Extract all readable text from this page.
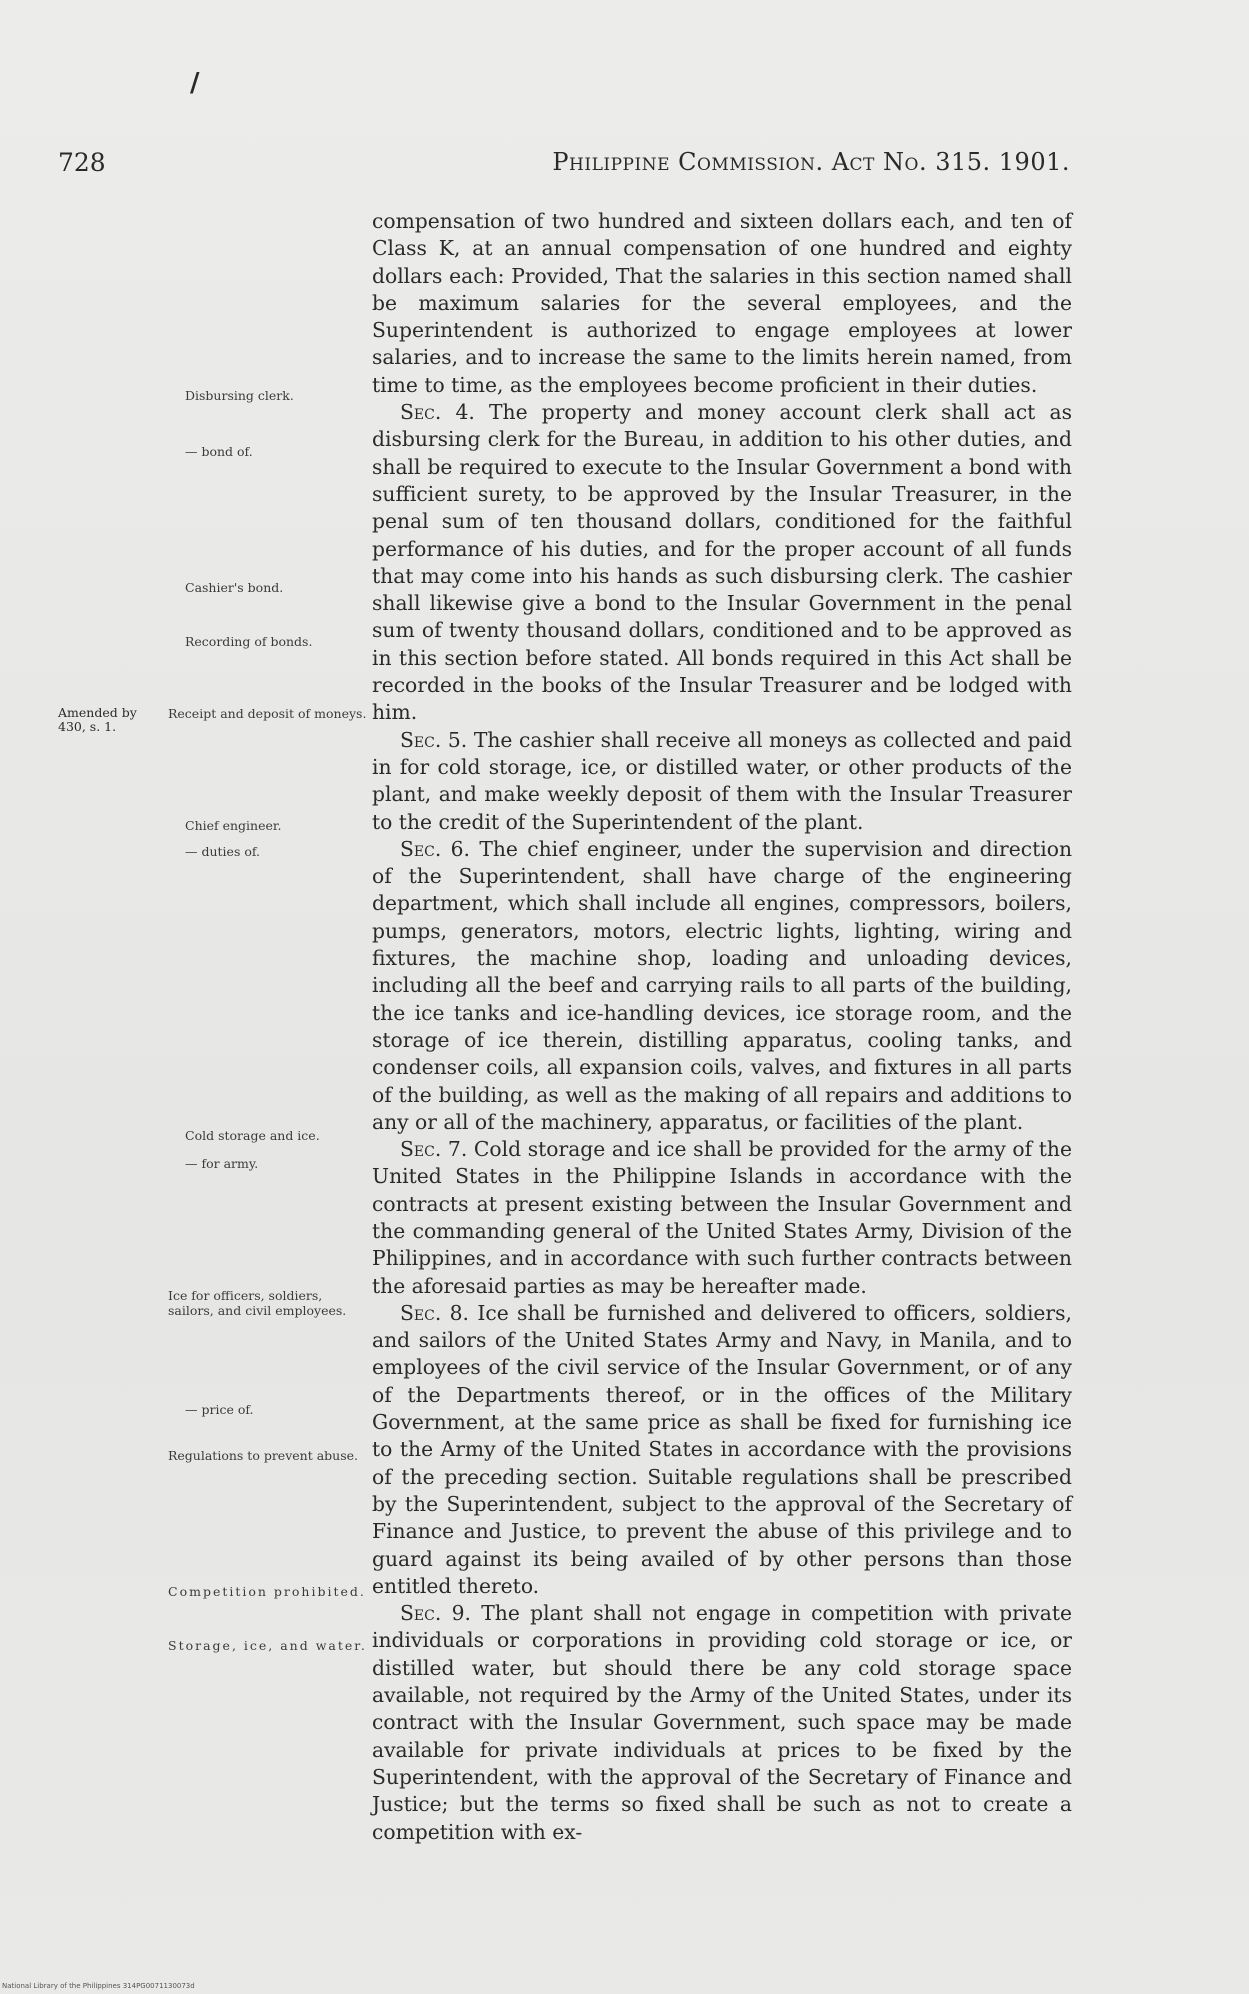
/
728	Philippine Commission. Act No. 315. 1901.
Disbursing clerk.
— bond of.
Cashier's bond.
Recording of bonds.
Receipt and deposit of moneys.
Chief engineer.
— duties of.
Cold storage and ice.
— for army.
Ice for officers, soldiers, sailors, and civil employees.
— price of.
Regulations to prevent abuse.
Competition prohibited.
Storage, ice, and water.
Amended by 430, s. 1.

compensation of two hundred and sixteen dollars each, and ten of Class K, at an annual compensation of one hundred and eighty dollars each: Provided, That the salaries in this section named shall be maximum salaries for the several employees, and the Superintendent is authorized to engage employees at lower salaries, and to increase the same to the limits herein named, from time to time, as the employees become proficient in their duties.

Sec. 4. The property and money account clerk shall act as disbursing clerk for the Bureau, in addition to his other duties, and shall be required to execute to the Insular Government a bond with sufficient surety, to be approved by the Insular Treasurer, in the penal sum of ten thousand dollars, conditioned for the faithful performance of his duties, and for the proper account of all funds that may come into his hands as such disbursing clerk. The cashier shall likewise give a bond to the Insular Government in the penal sum of twenty thousand dollars, conditioned and to be approved as in this section before stated. All bonds required in this Act shall be recorded in the books of the Insular Treasurer and be lodged with him.

Sec. 5. The cashier shall receive all moneys as collected and paid in for cold storage, ice, or distilled water, or other products of the plant, and make weekly deposit of them with the Insular Treasurer to the credit of the Superintendent of the plant.

Sec. 6. The chief engineer, under the supervision and direction of the Superintendent, shall have charge of the engineering department, which shall include all engines, compressors, boilers, pumps, generators, motors, electric lights, lighting, wiring and fixtures, the machine shop, loading and unloading devices, including all the beef and carrying rails to all parts of the building, the ice tanks and ice-handling devices, ice storage room, and the storage of ice therein, distilling apparatus, cooling tanks, and condenser coils, all expansion coils, valves, and fixtures in all parts of the building, as well as the making of all repairs and additions to any or all of the machinery, apparatus, or facilities of the plant.

Sec. 7. Cold storage and ice shall be provided for the army of the United States in the Philippine Islands in accordance with the contracts at present existing between the Insular Government and the commanding general of the United States Army, Division of the Philippines, and in accordance with such further contracts between the aforesaid parties as may be hereafter made.

Sec. 8. Ice shall be furnished and delivered to officers, soldiers, and sailors of the United States Army and Navy, in Manila, and to employees of the civil service of the Insular Government, or of any of the Departments thereof, or in the offices of the Military Government, at the same price as shall be fixed for furnishing ice to the Army of the United States in accordance with the provisions of the preceding section. Suitable regulations shall be prescribed by the Superintendent, subject to the approval of the Secretary of Finance and Justice, to prevent the abuse of this privilege and to guard against its being availed of by other persons than those entitled thereto.

Sec. 9. The plant shall not engage in competition with private individuals or corporations in providing cold storage or ice, or distilled water, but should there be any cold storage space available, not required by the Army of the United States, under its contract with the Insular Government, such space may be made available for private individuals at prices to be fixed by the Superintendent, with the approval of the Secretary of Finance and Justice; but the terms so fixed shall be such as not to create a competition with ex-

National Library of the Philippines 314PG0071130073d
